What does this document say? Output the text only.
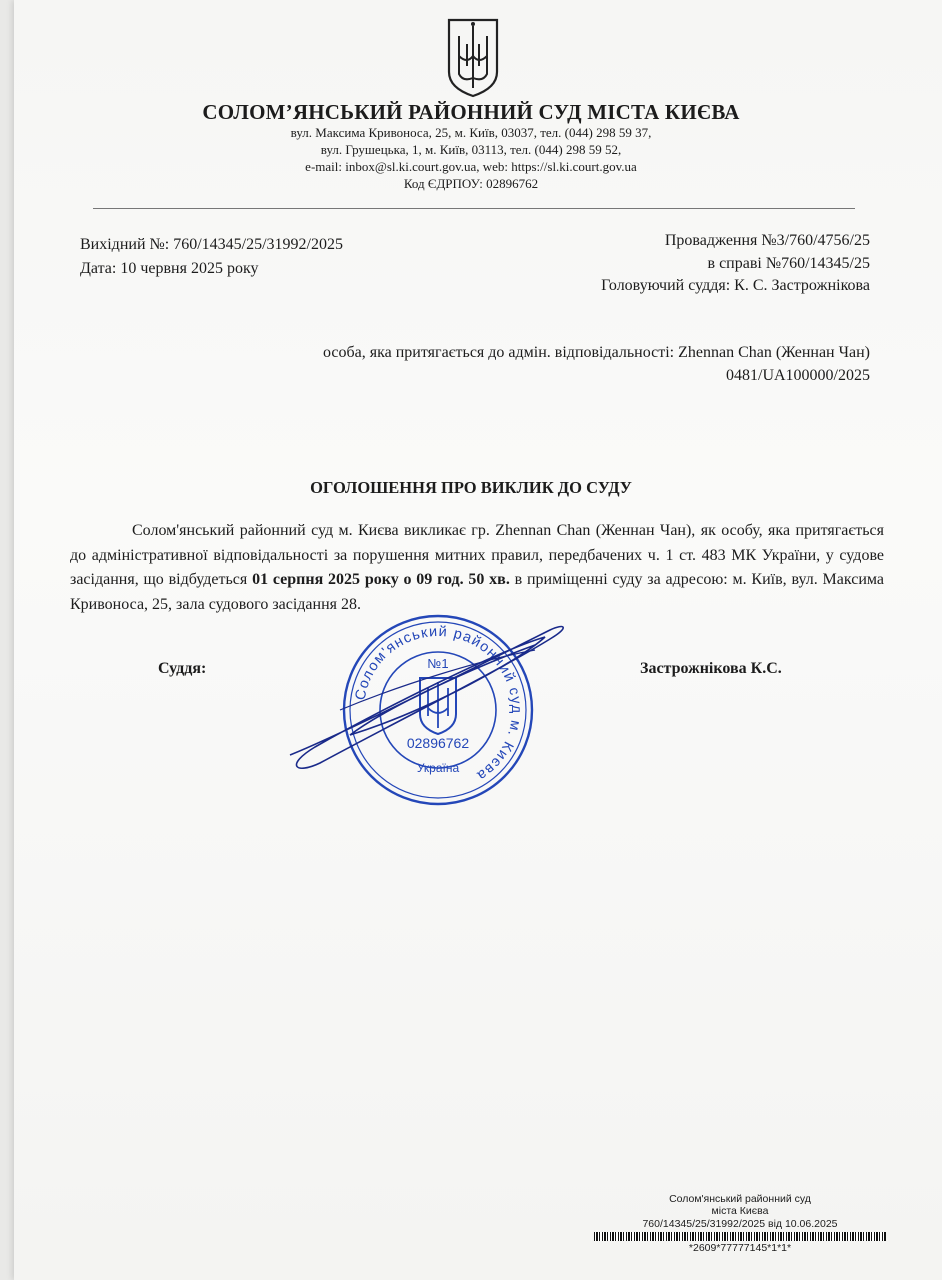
СОЛОМ’ЯНСЬКИЙ РАЙОННИЙ СУД МІСТА КИЄВА
вул. Максима Кривоноса, 25, м. Київ, 03037, тел. (044) 298 59 37,
вул. Грушецька, 1, м. Київ, 03113, тел. (044) 298 59 52,
e-mail: inbox@sl.ki.court.gov.ua, web: https://sl.ki.court.gov.ua
Код ЄДРПОУ: 02896762
Вихідний №: 760/14345/25/31992/2025
Дата: 10 червня 2025 року
Провадження №3/760/4756/25
в справі №760/14345/25
Головуючий суддя: К. С. Застрожнікова
особа, яка притягається до адмін. відповідальності: Zhennan Chan (Женнан Чан)
0481/UA100000/2025
ОГОЛОШЕННЯ ПРО ВИКЛИК ДО СУДУ
Солом'янський районний суд м. Києва викликає гр. Zhennan Chan (Женнан Чан), як особу, яка притягається до адміністративної відповідальності за порушення митних правил, передбачених ч. 1 ст. 483 МК України, у судове засідання, що відбудеться 01 серпня 2025 року о 09 год. 50 хв. в приміщенні суду за адресою: м. Київ, вул. Максима Кривоноса, 25, зала судового засідання 28.
Суддя:	Застрожнікова К.С.
Солом'янський районний суд м. Києва
№1
02896762
Україна
Солом'янський районний суд
міста Києва
760/14345/25/31992/2025 від 10.06.2025
*2609*77777145*1*1*
